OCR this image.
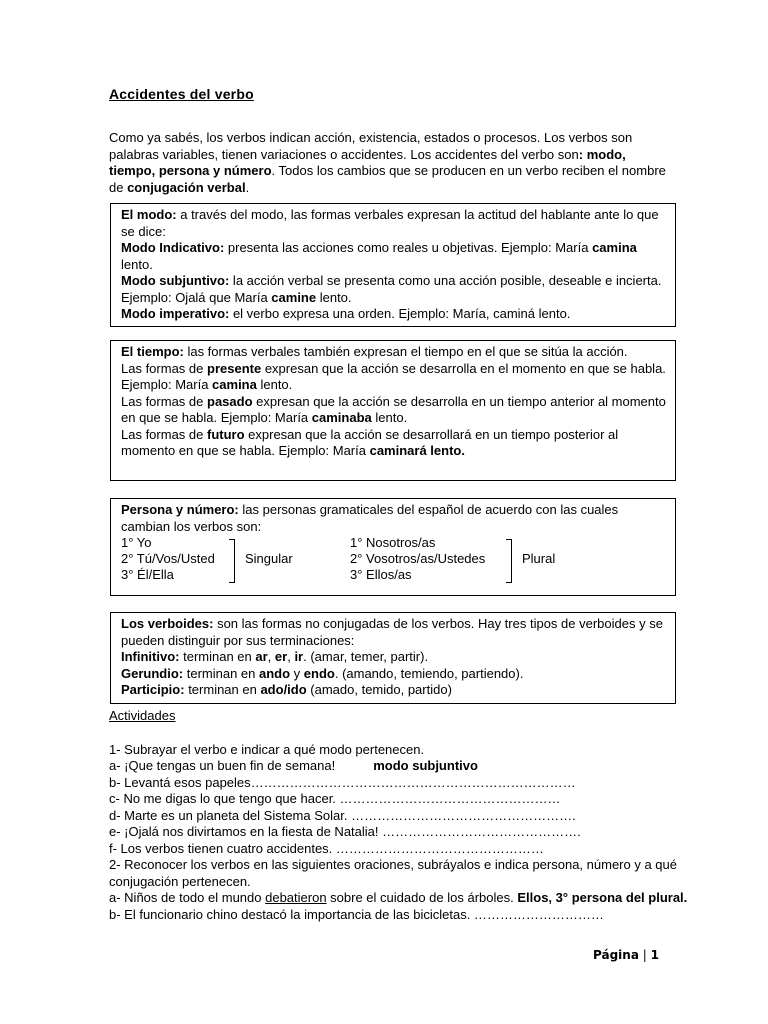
Accidentes del verbo
Como ya sabés, los verbos indican acción, existencia, estados o procesos. Los verbos son palabras variables, tienen variaciones o accidentes. Los accidentes del verbo son: modo, tiempo, persona y número. Todos los cambios que se producen en un verbo reciben el nombre de conjugación verbal.

El modo: a través del modo, las formas verbales expresan la actitud del hablante ante lo que se dice:

Modo Indicativo: presenta las acciones como reales u objetivas. Ejemplo: María camina lento.

Modo subjuntivo: la acción verbal se presenta como una acción posible, deseable e incierta. Ejemplo: Ojalá que María camine lento.

Modo imperativo: el verbo expresa una orden. Ejemplo: María, caminá lento.

El tiempo: las formas verbales también expresan el tiempo en el que se sitúa la acción.

Las formas de presente expresan que la acción se desarrolla en el momento en que se habla. Ejemplo: María camina lento.

Las formas de pasado expresan que la acción se desarrolla en un tiempo anterior al momento en que se habla. Ejemplo: María caminaba lento.

Las formas de futuro expresan que la acción se desarrollará en un tiempo posterior al momento en que se habla. Ejemplo: María caminará lento.

Persona y número: las personas gramaticales del español de acuerdo con las cuales cambian los verbos son:

1° Yo
2° Tú/Vos/Usted
3° Él/Ella
Singular
1° Nosotros/as
2° Vosotros/as/Ustedes
3° Ellos/as
Plural

Los verboides: son las formas no conjugadas de los verbos. Hay tres tipos de verboides y se pueden distinguir por sus terminaciones:

Infinitivo: terminan en ar, er, ir. (amar, temer, partir).

Gerundio: terminan en ando y endo. (amando, temiendo, partiendo).

Participio: terminan en ado/ido (amado, temido, partido)

Actividades

1- Subrayar el verbo e indicar a qué modo pertenecen.

a- ¡Que tengas un buen fin de semana!	modo subjuntivo

b- Levantá esos papeles…………………………………………………………………

c- No me digas lo que tengo que hacer. ……………………………………………

d- Marte es un planeta del Sistema Solar. …………………………………………….

e- ¡Ojalá nos divirtamos en la fiesta de Natalia! ……………………………………….

f- Los verbos tienen cuatro accidentes. …………………………………………

2- Reconocer los verbos en las siguientes oraciones, subráyalos e indica persona, número y a qué conjugación pertenecen.

a- Niños de todo el mundo debatieron sobre el cuidado de los árboles. Ellos, 3° persona del plural.

b- El funcionario chino destacó la importancia de las bicicletas. …………………………

Página | 1
